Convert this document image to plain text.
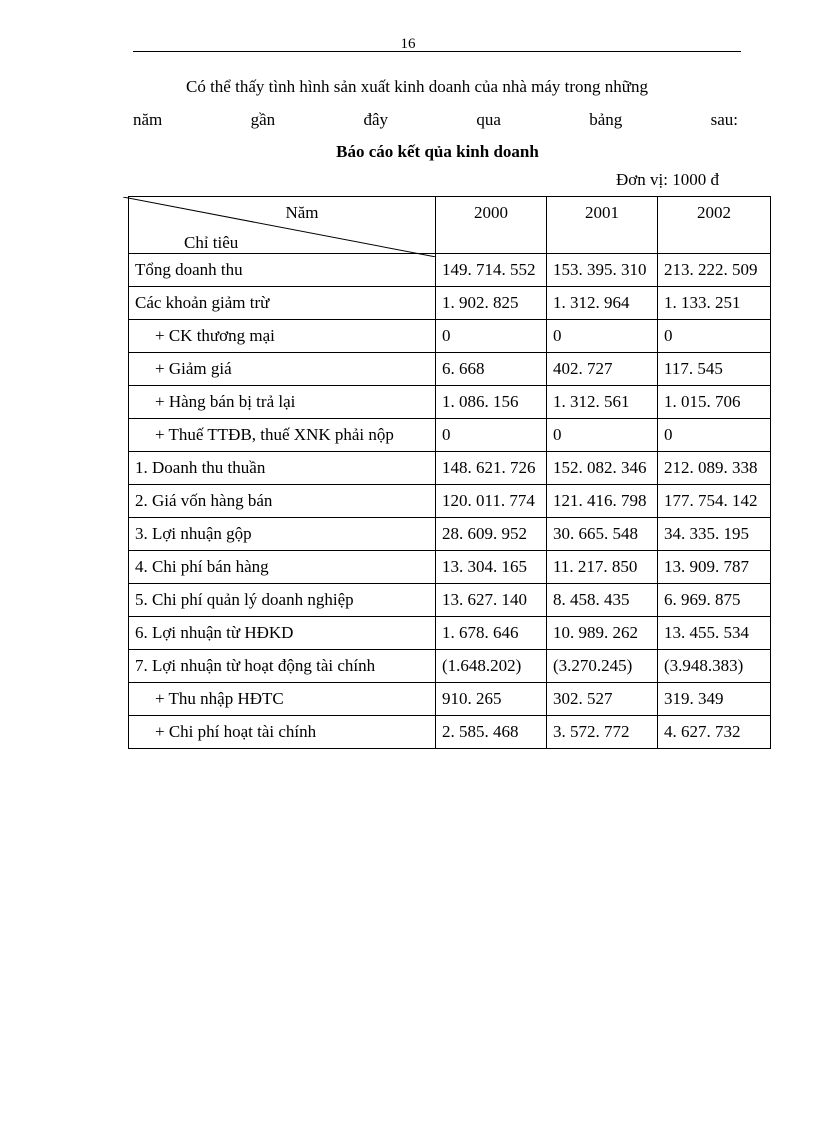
16
Có thể thấy tình hình sản xuất kinh doanh của nhà máy trong những
năm	gần	đây	qua	bảng	sau:
Báo cáo kết qủa kinh doanh
Đơn vị: 1000 đ
Năm
Chỉ tiêu	2000	2001	2002
Tổng doanh thu	149. 714. 552	153. 395. 310	213. 222. 509
Các khoản giảm trừ	1. 902. 825	1. 312. 964	1. 133. 251
+ CK thương mại	0	0	0
+ Giảm giá	6. 668	402. 727	117. 545
+ Hàng bán bị trả lại	1. 086. 156	1. 312. 561	1. 015. 706
+ Thuế TTĐB, thuế XNK phải nộp	0	0	0
1. Doanh thu thuần	148. 621. 726	152. 082. 346	212. 089. 338
2. Giá vốn hàng bán	120. 011. 774	121. 416. 798	177. 754. 142
3. Lợi nhuận gộp	28. 609. 952	30. 665. 548	34. 335. 195
4. Chi phí bán hàng	13. 304. 165	11. 217. 850	13. 909. 787
5. Chi phí quản lý doanh nghiệp	13. 627. 140	8. 458. 435	6. 969. 875
6. Lợi nhuận từ HĐKD	1. 678. 646	10. 989. 262	13. 455. 534
7. Lợi nhuận từ hoạt động tài chính	(1.648.202)	(3.270.245)	(3.948.383)
+ Thu nhập HĐTC	910. 265	302. 527	319. 349
+ Chi phí hoạt tài chính	2. 585. 468	3. 572. 772	4. 627. 732
